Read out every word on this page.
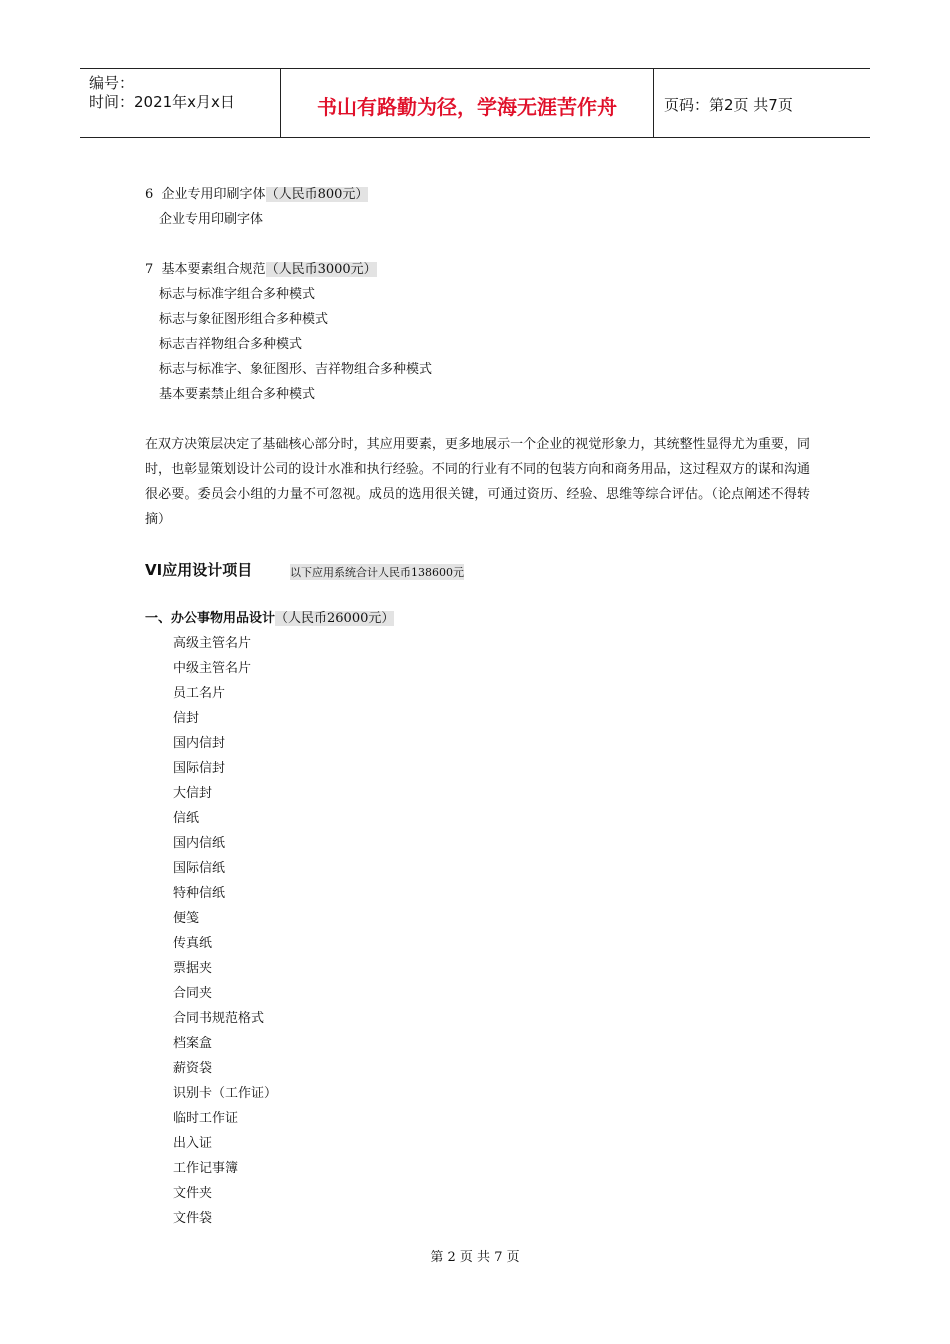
编号：
时间：2021年x月x日	书山有路勤为径，学海无涯苦作舟	页码：第2页 共7页
6 企业专用印刷字体（人民币800元）
企业专用印刷字体
7 基本要素组合规范（人民币3000元）
标志与标准字组合多种模式
标志与象征图形组合多种模式
标志吉祥物组合多种模式
标志与标准字、象征图形、吉祥物组合多种模式
基本要素禁止组合多种模式
在双方决策层决定了基础核心部分时，其应用要素，更多地展示一个企业的视觉形象力，其统整性显得尤为重要，同时，也彰显策划设计公司的设计水准和执行经验。不同的行业有不同的包装方向和商务用品，这过程双方的谋和沟通很必要。委员会小组的力量不可忽视。成员的选用很关键，可通过资历、经验、思维等综合评估。（论点阐述不得转摘）
VI应用设计项目	以下应用系统合计人民币138600元
一、办公事物用品设计（人民币26000元）
高级主管名片
中级主管名片
员工名片
信封
国内信封
国际信封
大信封
信纸
国内信纸
国际信纸
特种信纸
便笺
传真纸
票据夹
合同夹
合同书规范格式
档案盒
薪资袋
识别卡（工作证）
临时工作证
出入证
工作记事簿
文件夹
文件袋
第 2 页 共 7 页
